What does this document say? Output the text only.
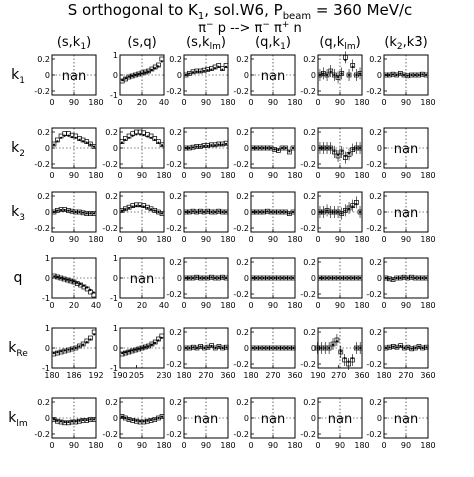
S orthogonal to $K_1$, sol.W6, $P_{beam} = 360$ MeV/c
π− p --> π− π+ n
$(s,k_1)$	(s,q) $(s,k_{lm})$ $(q,k_1)$ $(q,k_{lm})$ $(k_2,k3)$
$k_1$
$k_2$
$k_3$
q
$k_{Re}$
$k_{lm}$
0.2
0
-0.2
0 90 180
nan
1
0
-1
0 20 40
0.2
0
-0.2
0 90 180
0.2
0
-0.2
0 90 180
nan
0.2
0
-0.2
0 90 180
0.2
0
-0.2
0 90 180
0.2
0
-0.2
0 90 180
0.2
0
-0.2
0 90 180
0.2
0
-0.2
0 90 180
0.2
0
-0.2
0 90 180
0.2
0
-0.2
0 90 180
0.2
0
-0.2
0 90 180
nan
0.2
0
-0.2
0 90 180
0.2
0
-0.2
0 90 180
0.2
0
-0.2
0 90 180
0.2
0
-0.2
0 90 180
0.2
0
-0.2
0 90 180
0.2
0
-0.2
0 90 180
nan
1
0
-1
0 20 40
1
0
-1
0 20 40
nan
0.2
0
-0.2
0 90 180
0.2
0
-0.2
0 90 180
0.2
0
-0.2
0 90 180
0.2
0
-0.2
0 90 180
1
0
-1
180 186 192
1
0
-1
190 205 230
0.2
0
-0.2
180 270 360
0.2
0
-0.2
180 270 360
0.2
0
-0.2
190 270 360
0.2
0
-0.2
180 270 360
0.2
0
-0.2
0 90 180
0.2
0
-0.2
0 90 180
0.2
0
-0.2
0 90 180
nan
0.2
0
-0.2
0 90 180
nan
0.2
0
-0.2
0 90 180
nan
0.2
0
-0.2
0 90 180
nan
